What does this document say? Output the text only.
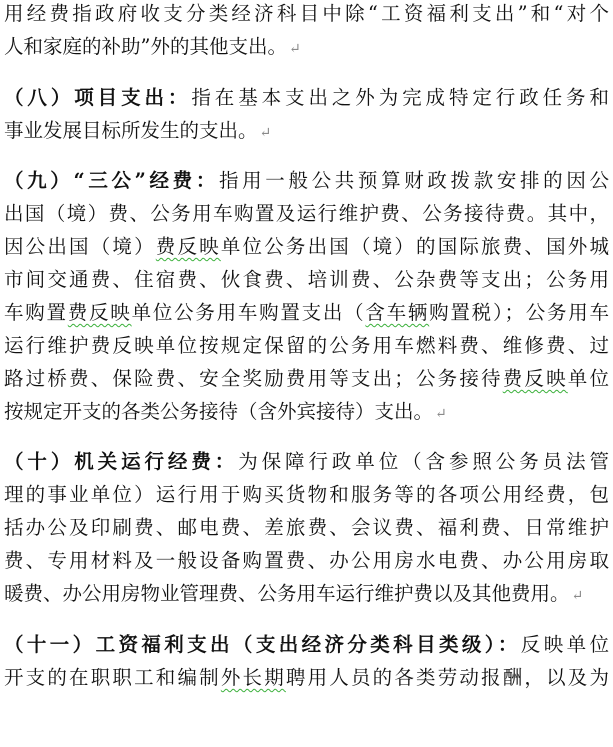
用经费指政府收支分类经济科目中除“工资福利支出”和“对个
人和家庭的补助”外的其他支出。 ↵
（八）项目支出：指在基本支出之外为完成特定行政任务和
事业发展目标所发生的支出。 ↵
（九）“三公”经费：指用一般公共预算财政拨款安排的因公
出国（境）费、公务用车购置及运行维护费、公务接待费。其中，
因公出国（境）费反映单位公务出国（境）的国际旅费、国外城
市间交通费、住宿费、伙食费、培训费、公杂费等支出；公务用
车购置费反映单位公务用车购置支出（含车辆购置税）；公务用车
运行维护费反映单位按规定保留的公务用车燃料费、维修费、过
路过桥费、保险费、安全奖励费用等支出；公务接待费反映单位
按规定开支的各类公务接待（含外宾接待）支出。 ↵
（十）机关运行经费：为保障行政单位（含参照公务员法管
理的事业单位）运行用于购买货物和服务等的各项公用经费，包
括办公及印刷费、邮电费、差旅费、会议费、福利费、日常维护
费、专用材料及一般设备购置费、办公用房水电费、办公用房取
暖费、办公用房物业管理费、公务用车运行维护费以及其他费用。 ↵
（十一）工资福利支出（支出经济分类科目类级）：反映单位
开支的在职职工和编制外长期聘用人员的各类劳动报酬，以及为
